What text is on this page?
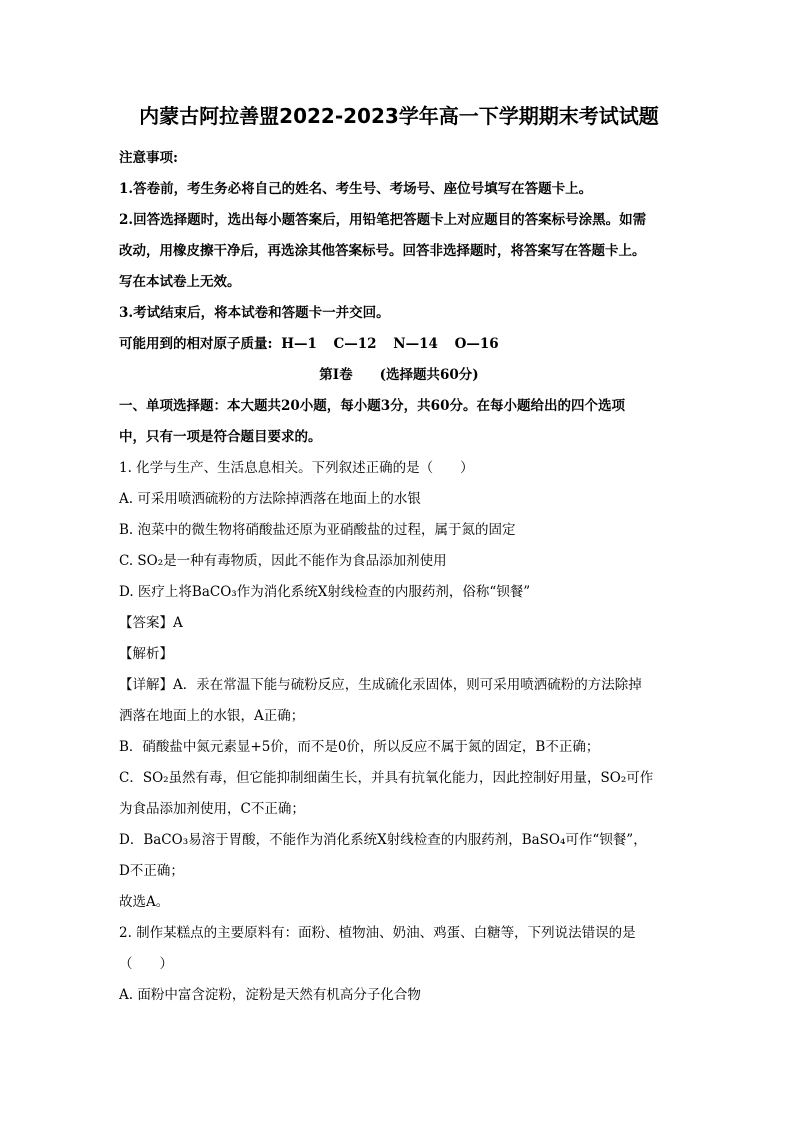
内蒙古阿拉善盟2022-2023学年高一下学期期末考试试题
注意事项:
1.答卷前，考生务必将自己的姓名、考生号、考场号、座位号填写在答题卡上。
2.回答选择题时，选出每小题答案后，用铅笔把答题卡上对应题目的答案标号涂黑。如需
改动，用橡皮擦干净后，再选涂其他答案标号。回答非选择题时，将答案写在答题卡上。
写在本试卷上无效。
3.考试结束后，将本试卷和答题卡一并交回。
可能用到的相对原子质量: H—1 C—12 N—14 O—16
第I卷　　(选择题共60分)
一、单项选择题：本大题共20小题，每小题3分，共60分。在每小题给出的四个选项
中，只有一项是符合题目要求的。
1. 化学与生产、生活息息相关。下列叙述正确的是（　　）
A. 可采用喷洒硫粉的方法除掉洒落在地面上的水银
B. 泡菜中的微生物将硝酸盐还原为亚硝酸盐的过程，属于氮的固定
C. SO₂是一种有毒物质，因此不能作为食品添加剂使用
D. 医疗上将BaCO₃作为消化系统X射线检查的内服药剂，俗称“钡餐”
【答案】A
【解析】
【详解】A．汞在常温下能与硫粉反应，生成硫化汞固体，则可采用喷洒硫粉的方法除掉
洒落在地面上的水银，A正确；
B．硝酸盐中氮元素显+5价，而不是0价，所以反应不属于氮的固定，B不正确；
C．SO₂虽然有毒，但它能抑制细菌生长，并具有抗氧化能力，因此控制好用量，SO₂可作
为食品添加剂使用，C不正确；
D．BaCO₃易溶于胃酸，不能作为消化系统X射线检查的内服药剂，BaSO₄可作“钡餐”，
D不正确；
故选A。
2. 制作某糕点的主要原料有：面粉、植物油、奶油、鸡蛋、白糖等，下列说法错误的是
（　　）
A. 面粉中富含淀粉，淀粉是天然有机高分子化合物
